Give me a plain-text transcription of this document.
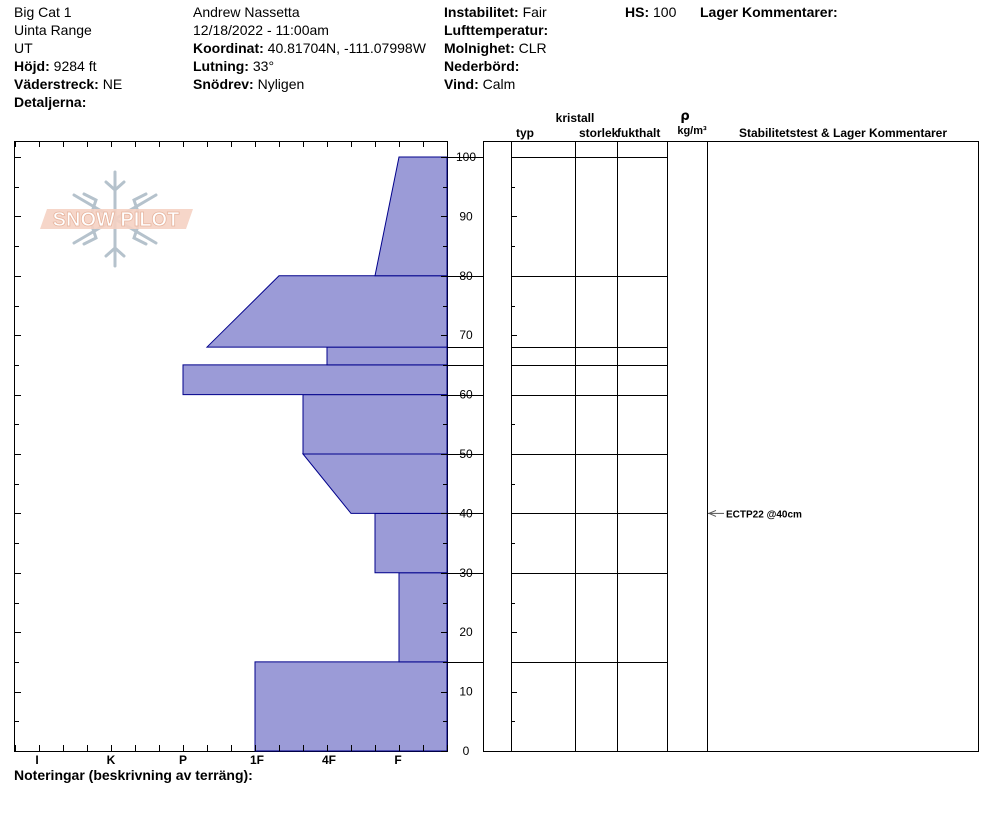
Big Cat 1
Uinta Range
UT
Höjd: 9284 ft
Väderstreck: NE
Detaljerna:
Andrew Nassetta
12/18/2022 - 11:00am
Koordinat: 40.81704N, -111.07998W
Lutning: 33°
Snödrev: Nyligen
Instabilitet: Fair
Lufttemperatur:
Molnighet: CLR
Nederbörd:
Vind: Calm
HS: 100 Lager Kommentarer:
Noteringar (beskrivning av terräng):
SNOW PILOT
0
10
20
30
40
50
60
70
80
90
100
I	K	P	1F	4F	F
ECTP22 @40cm
kristall
typ	storlek
fukthalt
ρ
kg/m³	Stabilitetstest & Lager Kommentarer
